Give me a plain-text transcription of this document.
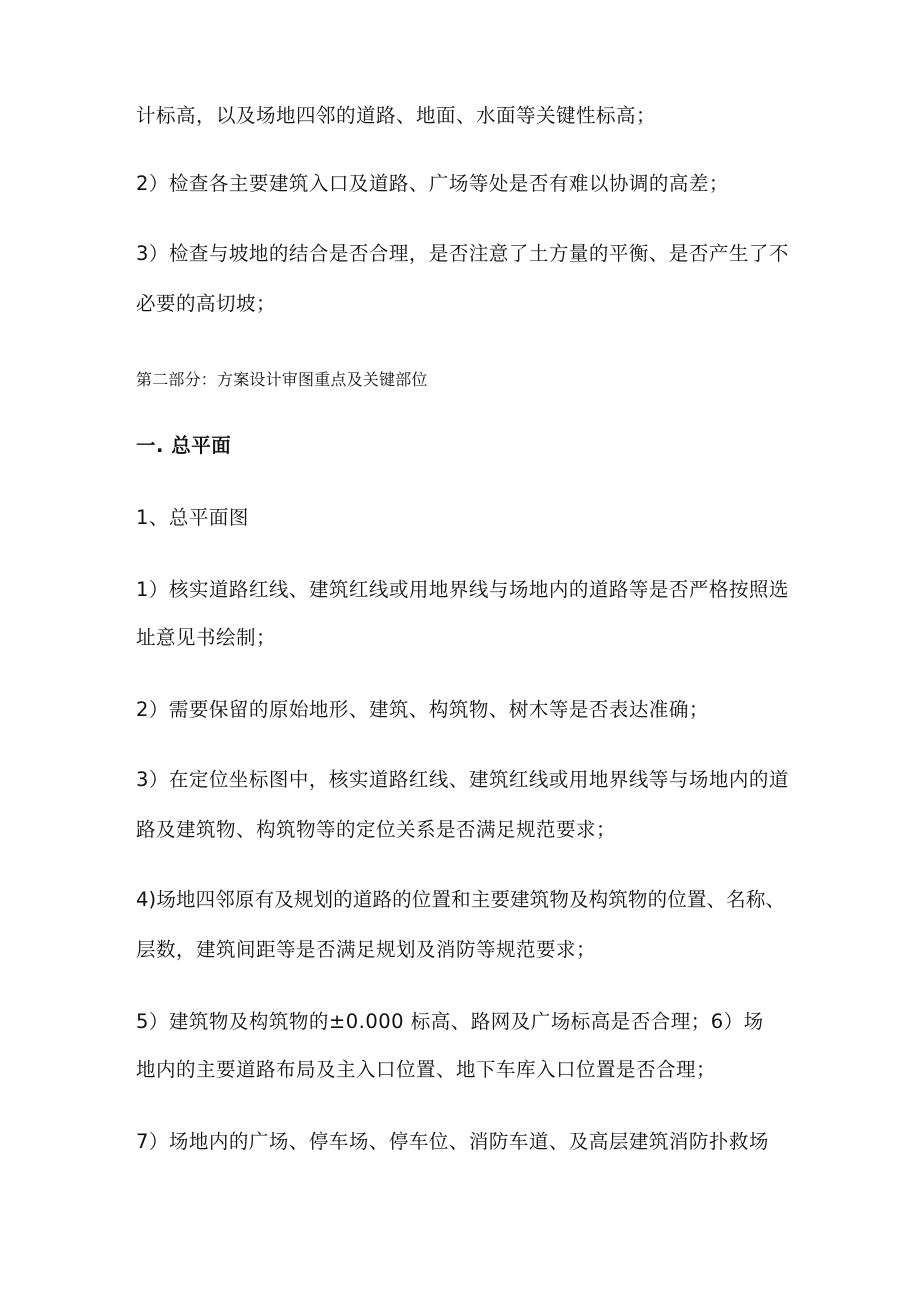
计标高，以及场地四邻的道路、地面、水面等关键性标高；
2）检查各主要建筑入口及道路、广场等处是否有难以协调的高差；
3）检查与坡地的结合是否合理，是否注意了土方量的平衡、是否产生了不
必要的高切坡；
第二部分：方案设计审图重点及关键部位
一. 总平面
1、总平面图
1）核实道路红线、建筑红线或用地界线与场地内的道路等是否严格按照选
址意见书绘制；
2）需要保留的原始地形、建筑、构筑物、树木等是否表达准确；
3）在定位坐标图中，核实道路红线、建筑红线或用地界线等与场地内的道
路及建筑物、构筑物等的定位关系是否满足规范要求；
4)场地四邻原有及规划的道路的位置和主要建筑物及构筑物的位置、名称、
层数，建筑间距等是否满足规划及消防等规范要求；
5）建筑物及构筑物的±0.000 标高、路网及广场标高是否合理；6）场
地内的主要道路布局及主入口位置、地下车库入口位置是否合理；
7）场地内的广场、停车场、停车位、消防车道、及高层建筑消防扑救场
